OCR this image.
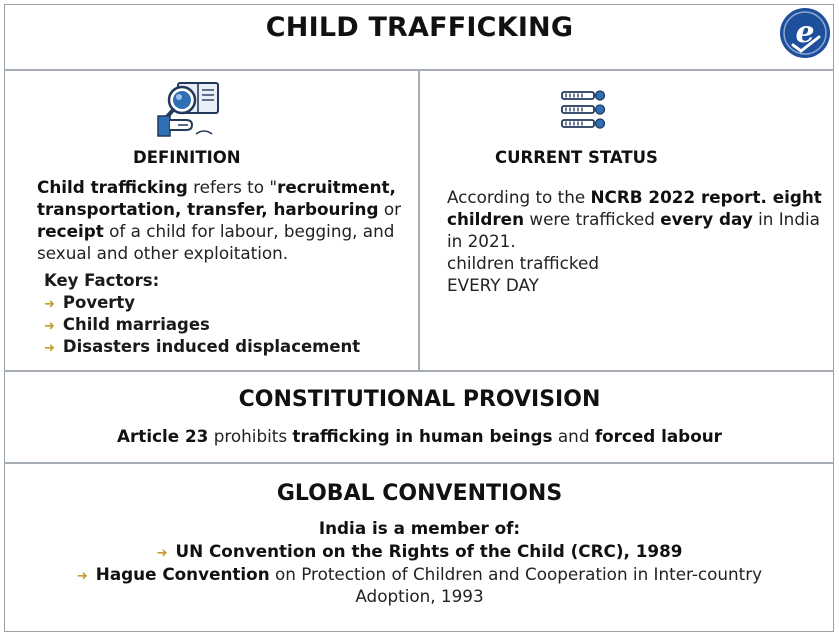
CHILD TRAFFICKING	e
DEFINITION
Child trafficking refers to "recruitment, transportation, transfer, harbouring or receipt of a child for labour, begging, and sexual and other exploitation.
Key Factors:
➜ Poverty
➜ Child marriages
➜ Disasters induced displacement
CURRENT STATUS
According to the NCRB 2022 report. eight children were trafficked every day in India in 2021.
children trafficked
EVERY DAY
CONSTITUTIONAL PROVISION
Article 23 prohibits trafficking in human beings and forced labour
GLOBAL CONVENTIONS
India is a member of:
➜ UN Convention on the Rights of the Child (CRC), 1989
➜ Hague Convention on Protection of Children and Cooperation in Inter-country
Adoption, 1993
